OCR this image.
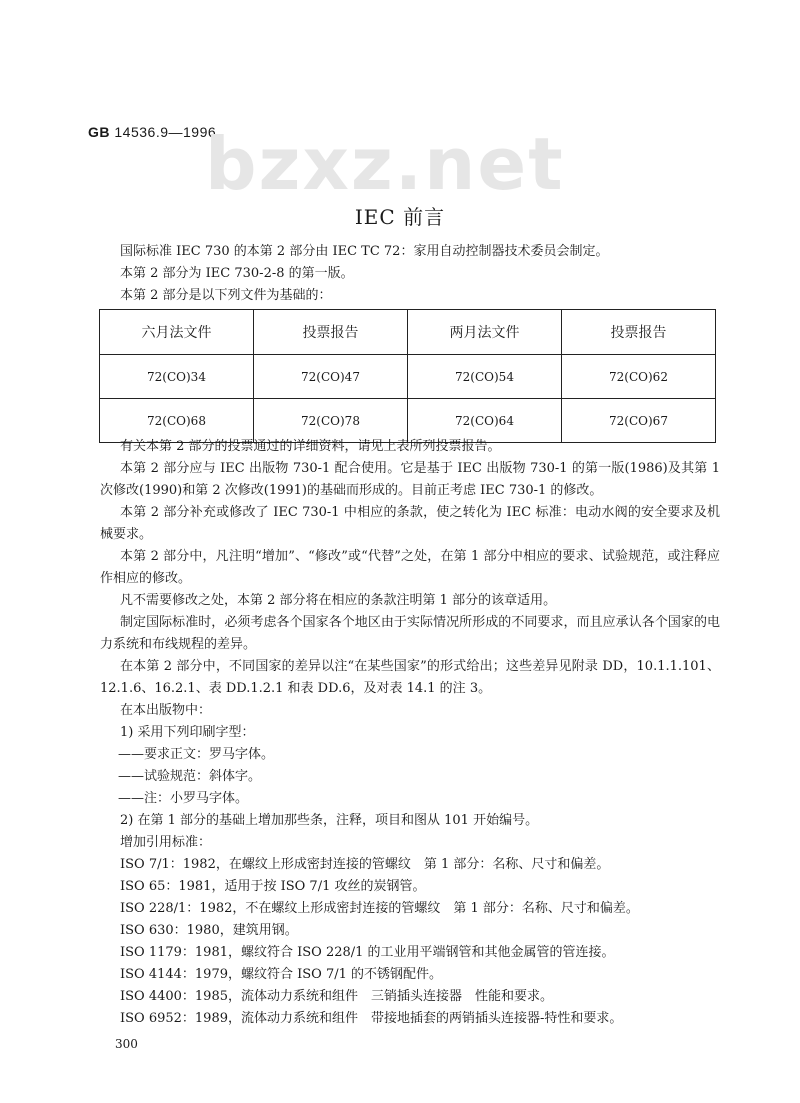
GB 14536.9—1996
bzxz.net
IEC 前言

国际标准 IEC 730 的本第 2 部分由 IEC TC 72：家用自动控制器技术委员会制定。

本第 2 部分为 IEC 730-2-8 的第一版。

本第 2 部分是以下列文件为基础的：

六月法文件	投票报告	两月法文件	投票报告
72(CO)34	72(CO)47	72(CO)54	72(CO)62
72(CO)68	72(CO)78	72(CO)64	72(CO)67

有关本第 2 部分的投票通过的详细资料，请见上表所列投票报告。

本第 2 部分应与 IEC 出版物 730-1 配合使用。它是基于 IEC 出版物 730-1 的第一版(1986)及其第 1 次修改(1990)和第 2 次修改(1991)的基础而形成的。目前正考虑 IEC 730-1 的修改。

本第 2 部分补充或修改了 IEC 730-1 中相应的条款，使之转化为 IEC 标准：电动水阀的安全要求及机械要求。

本第 2 部分中，凡注明“增加”、“修改”或“代替”之处，在第 1 部分中相应的要求、试验规范，或注释应作相应的修改。

凡不需要修改之处，本第 2 部分将在相应的条款注明第 1 部分的该章适用。

制定国际标准时，必须考虑各个国家各个地区由于实际情况所形成的不同要求，而且应承认各个国家的电力系统和布线规程的差异。

在本第 2 部分中，不同国家的差异以注“在某些国家”的形式给出；这些差异见附录 DD，10.1.1.101、12.1.6、16.2.1、表 DD.1.2.1 和表 DD.6，及对表 14.1 的注 3。

在本出版物中：

1) 采用下列印刷字型：

——要求正文：罗马字体。

——试验规范：斜体字。

——注：小罗马字体。

2) 在第 1 部分的基础上增加那些条，注释，项目和图从 101 开始编号。

增加引用标准：

ISO 7/1：1982，在螺纹上形成密封连接的管螺纹　第 1 部分：名称、尺寸和偏差。

ISO 65：1981，适用于按 ISO 7/1 攻丝的炭钢管。

ISO 228/1：1982，不在螺纹上形成密封连接的管螺纹　第 1 部分：名称、尺寸和偏差。

ISO 630：1980，建筑用钢。

ISO 1179：1981，螺纹符合 ISO 228/1 的工业用平端钢管和其他金属管的管连接。

ISO 4144：1979，螺纹符合 ISO 7/1 的不锈钢配件。

ISO 4400：1985，流体动力系统和组件　三销插头连接器　性能和要求。

ISO 6952：1989，流体动力系统和组件　带接地插套的两销插头连接器-特性和要求。

300
